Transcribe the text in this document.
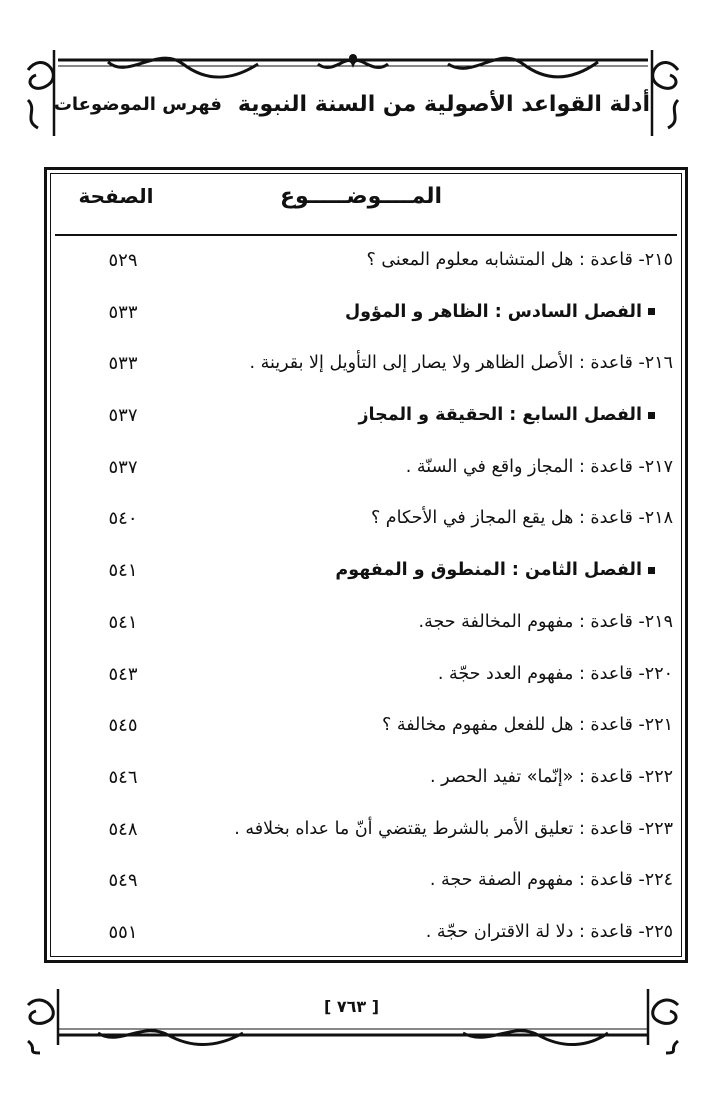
أدلة القواعد الأصولية من السنة النبوية
فهرس الموضوعات
المــــوضـــــوع
الصفحة
٢١٥- قاعدة : هل المتشابه معلوم المعنى ؟
٥٢٩
الفصل السادس : الظاهر و المؤول
٥٣٣
٢١٦- قاعدة : الأصل الظاهر ولا يصار إلى التأويل إلا بقرينة .
٥٣٣
الفصل السابع : الحقيقة و المجاز
٥٣٧
٢١٧- قاعدة : المجاز واقع في السنّة .
٥٣٧
٢١٨- قاعدة : هل يقع المجاز في الأحكام ؟
٥٤٠
الفصل الثامن : المنطوق و المفهوم
٥٤١
٢١٩- قاعدة : مفهوم المخالفة حجة.
٥٤١
٢٢٠- قاعدة : مفهوم العدد حجّة .
٥٤٣
٢٢١- قاعدة : هل للفعل مفهوم مخالفة ؟
٥٤٥
٢٢٢- قاعدة : «إنّما» تفيد الحصر .
٥٤٦
٢٢٣- قاعدة : تعليق الأمر بالشرط يقتضي أنّ ما عداه بخلافه .
٥٤٨
٢٢٤- قاعدة : مفهوم الصفة حجة .
٥٤٩
٢٢٥- قاعدة : دلا لة الاقتران حجّة .
٥٥١
[ ٧٦٣ ]
